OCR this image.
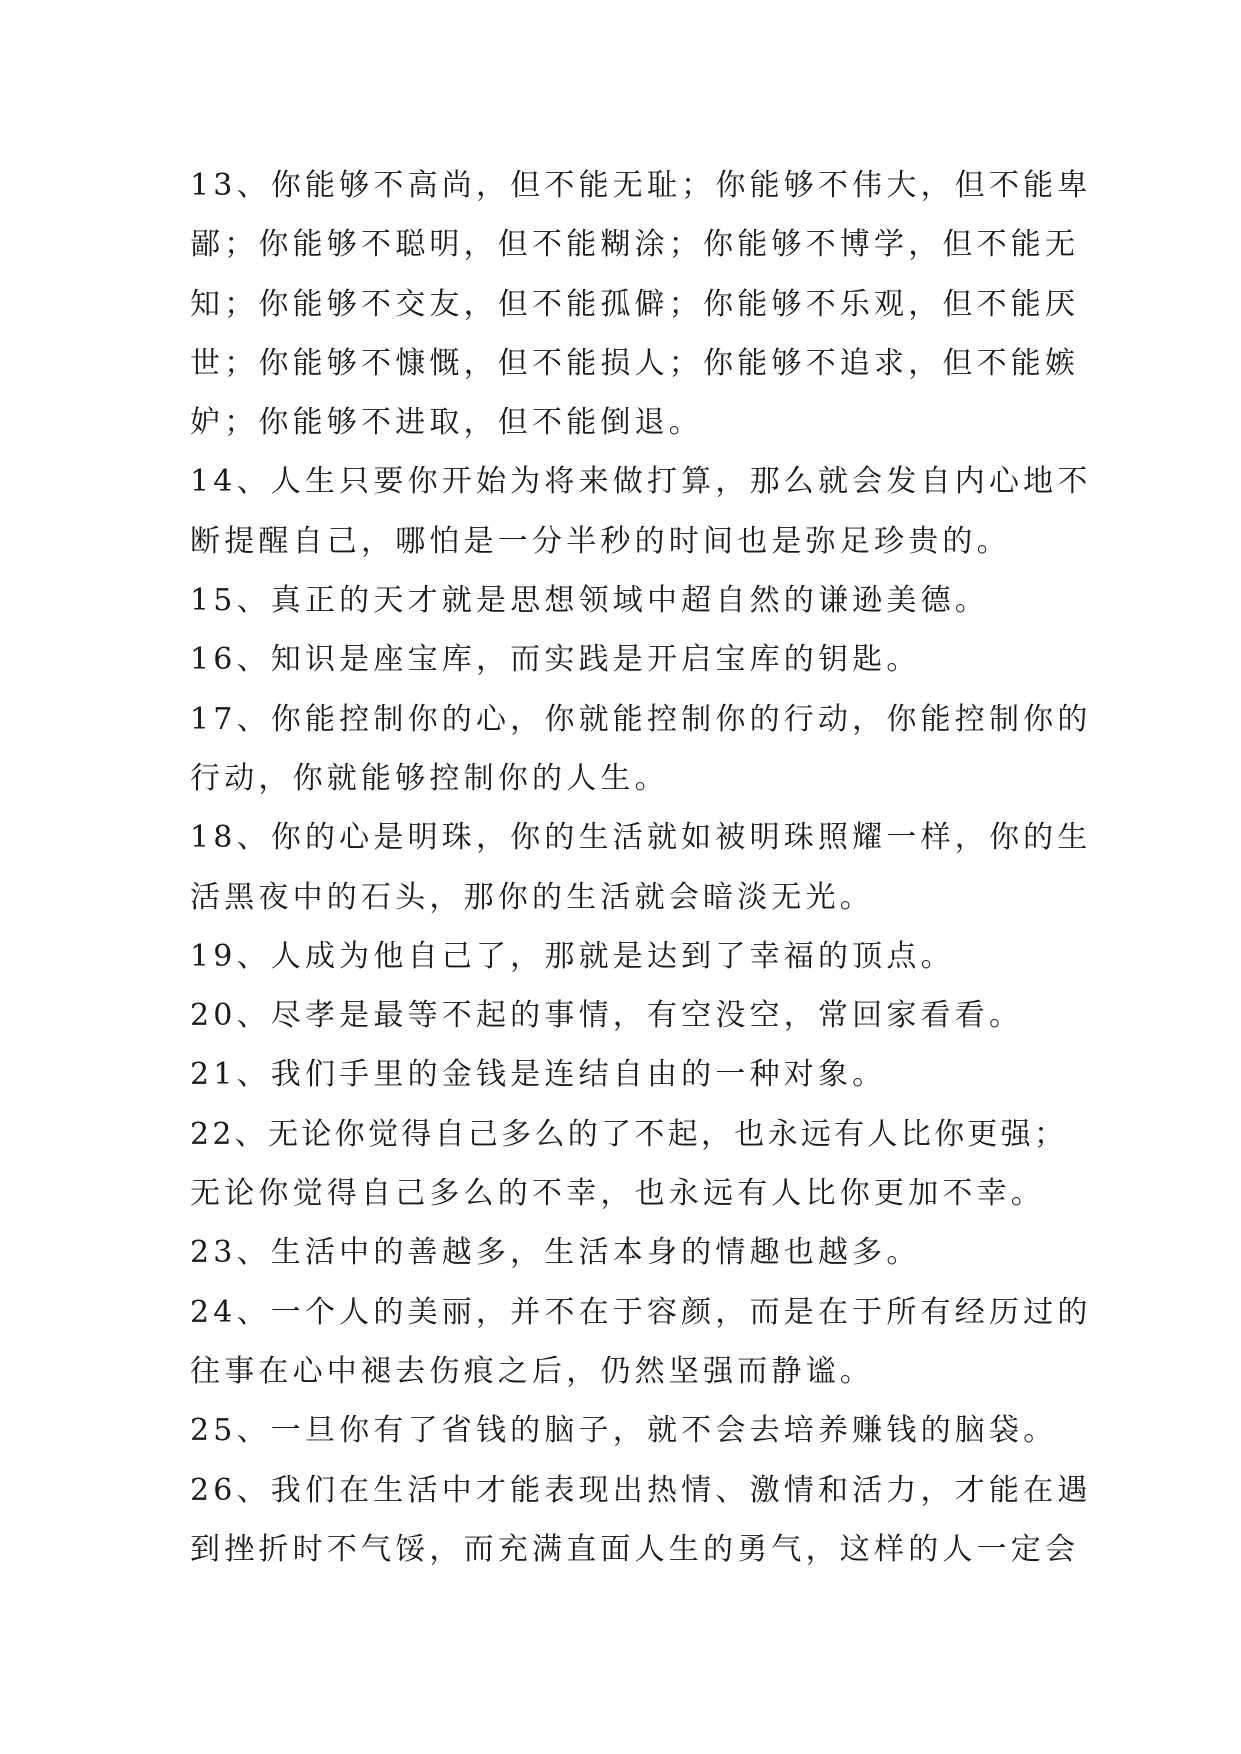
13、你能够不高尚，但不能无耻；你能够不伟大，但不能卑
鄙；你能够不聪明，但不能糊涂；你能够不博学，但不能无
知；你能够不交友，但不能孤僻；你能够不乐观，但不能厌
世；你能够不慷慨，但不能损人；你能够不追求，但不能嫉
妒；你能够不进取，但不能倒退。
14、人生只要你开始为将来做打算，那么就会发自内心地不
断提醒自己，哪怕是一分半秒的时间也是弥足珍贵的。
15、真正的天才就是思想领域中超自然的谦逊美德。
16、知识是座宝库，而实践是开启宝库的钥匙。
17、你能控制你的心，你就能控制你的行动，你能控制你的
行动，你就能够控制你的人生。
18、你的心是明珠，你的生活就如被明珠照耀一样，你的生
活黑夜中的石头，那你的生活就会暗淡无光。
19、人成为他自己了，那就是达到了幸福的顶点。
20、尽孝是最等不起的事情，有空没空，常回家看看。
21、我们手里的金钱是连结自由的一种对象。
22、无论你觉得自己多么的了不起，也永远有人比你更强；
无论你觉得自己多么的不幸，也永远有人比你更加不幸。
23、生活中的善越多，生活本身的情趣也越多。
24、一个人的美丽，并不在于容颜，而是在于所有经历过的
往事在心中褪去伤痕之后，仍然坚强而静谧。
25、一旦你有了省钱的脑子，就不会去培养赚钱的脑袋。
26、我们在生活中才能表现出热情、激情和活力，才能在遇
到挫折时不气馁，而充满直面人生的勇气，这样的人一定会
